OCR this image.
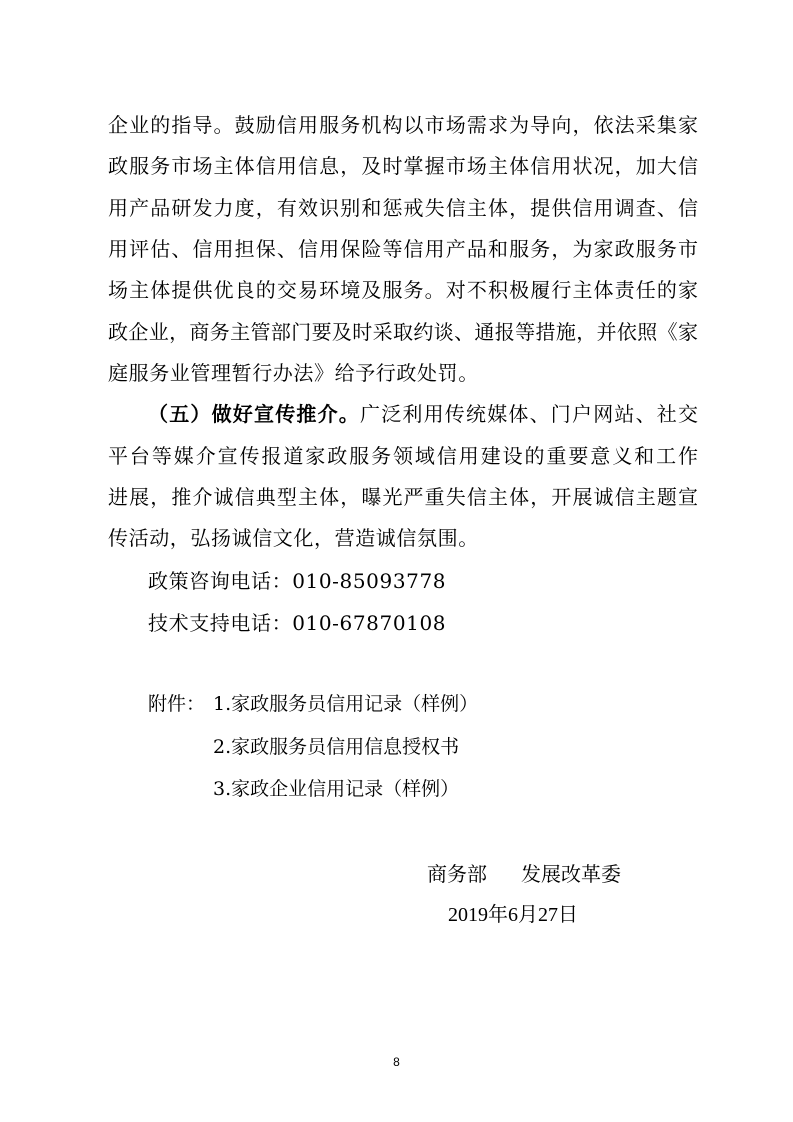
企业的指导。鼓励信用服务机构以市场需求为导向，依法采集家
政服务市场主体信用信息，及时掌握市场主体信用状况，加大信
用产品研发力度，有效识别和惩戒失信主体，提供信用调查、信
用评估、信用担保、信用保险等信用产品和服务，为家政服务市
场主体提供优良的交易环境及服务。对不积极履行主体责任的家
政企业，商务主管部门要及时采取约谈、通报等措施，并依照《家
庭服务业管理暂行办法》给予行政处罚。
（五）做好宣传推介。广泛利用传统媒体、门户网站、社交
平台等媒介宣传报道家政服务领域信用建设的重要意义和工作
进展，推介诚信典型主体，曝光严重失信主体，开展诚信主题宣
传活动，弘扬诚信文化，营造诚信氛围。
政策咨询电话：010-85093778
技术支持电话：010-67870108
附件： 1.家政服务员信用记录（样例）
2.家政服务员信用信息授权书
3.家政企业信用记录（样例）
商务部 发展改革委
2019年6月27日
8
